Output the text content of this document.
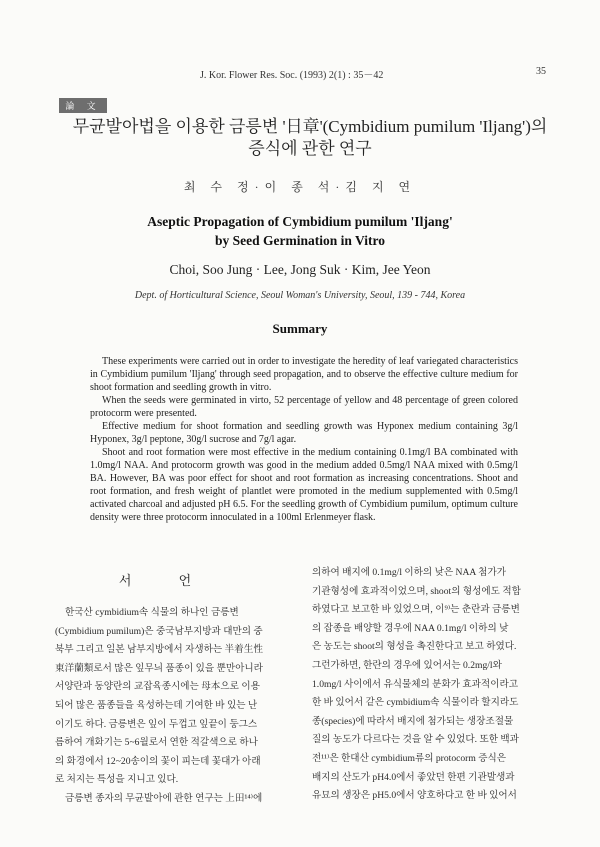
J. Kor. Flower Res. Soc. (1993) 2(1) : 35－42	35
論 文
무균발아법을 이용한 금릉변 '日章'(Cymbidium pumilum 'Iljang')의
증식에 관한 연구
최 수 정·이 종 석·김 지 연
Aseptic Propagation of Cymbidium pumilum 'Iljang'
by Seed Germination in Vitro
Choi, Soo Jung · Lee, Jong Suk · Kim, Jee Yeon
Dept. of Horticultural Science, Seoul Woman's University, Seoul, 139 - 744, Korea
Summary

These experiments were carried out in order to investigate the heredity of leaf variegated characteristics in Cymbidium pumilum 'Iljang' through seed propagation, and to observe the effective culture medium for shoot formation and seedling growth in vitro.

When the seeds were germinated in virto, 52 percentage of yellow and 48 percentage of green colored protocorm were presented.

Effective medium for shoot formation and seedling growth was Hyponex medium containing 3g/l Hyponex, 3g/l peptone, 30g/l sucrose and 7g/l agar.

Shoot and root formation were most effective in the medium containing 0.1mg/l BA combinated with 1.0mg/l NAA. And protocorm growth was good in the medium added 0.5mg/l NAA mixed with 0.5mg/l BA. However, BA was poor effect for shoot and root formation as increasing concentrations. Shoot and root formation, and fresh weight of plantlet were promoted in the medium supplemented with 0.5mg/l activated charcoal and adjusted pH 6.5. For the seedling growth of Cymbidium pumilum, optimum culture density were three protocorm innoculated in a 100ml Erlenmeyer flask.

서 언

한국산 cymbidium속 식물의 하나인 금릉변

(Cymbidium pumilum)은 중국남부지방과 대만의 중

북부 그리고 일본 남부지방에서 자생하는 半着生性

東洋蘭類로서 많은 잎무늬 품종이 있을 뿐만아니라

서양란과 동양란의 교잡육종시에는 母本으로 이용

되어 많은 품종들을 육성하는데 기여한 바 있는 난

이기도 하다. 금릉변은 잎이 두껍고 잎끝이 둥그스

름하여 개화기는 5~6월로서 연한 적갈색으로 하나

의 화경에서 12~20송이의 꽃이 피는데 꽃대가 아래

로 처지는 특성을 지니고 있다.

금릉변 종자의 무균발아에 관한 연구는 上田¹⁴⁾에

의하여 배지에 0.1mg/l 이하의 낮은 NAA 첨가가

기관형성에 효과적이었으며, shoot의 형성에도 적합

하였다고 보고한 바 있었으며, 이⁹⁾는 춘란과 금릉변

의 잡종을 배양할 경우에 NAA 0.1mg/l 이하의 낮

은 농도는 shoot의 형성을 촉진한다고 보고 하였다.

그런가하면, 한란의 경우에 있어서는 0.2mg/l와

1.0mg/l 사이에서 유식물체의 분화가 효과적이라고

한 바 있어서 같은 cymbidium속 식물이라 할지라도

종(species)에 따라서 배지에 첨가되는 생장조절물

질의 농도가 다르다는 것을 알 수 있었다. 또한 백과

전¹¹⁾은 한대산 cymbidium류의 protocorm 증식은

배지의 산도가 pH4.0에서 좋았던 한편 기관발생과

유묘의 생장은 pH5.0에서 양호하다고 한 바 있어서
